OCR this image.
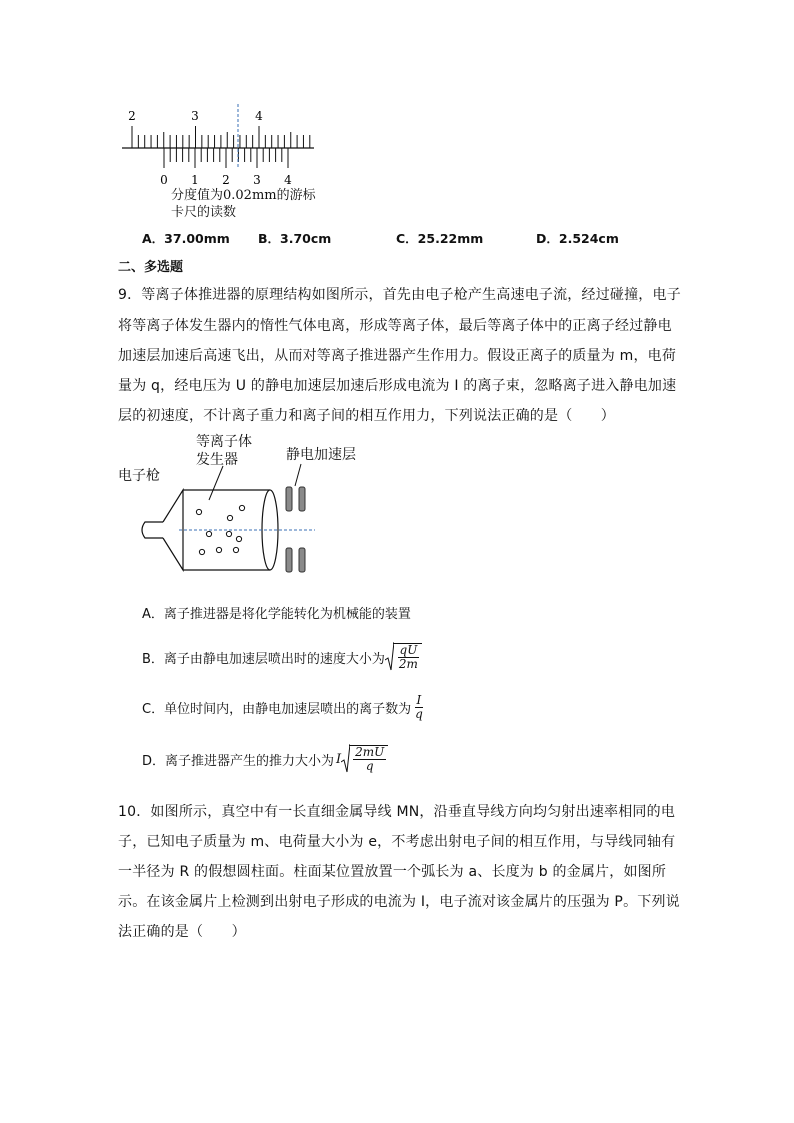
2	3	4
0 1 2 3 4
分度值为0.02mm的游标
卡尺的读数
A．37.00mm B．3.70cm	C．25.22mm	D．2.524cm
二、多选题
9．等离子体推进器的原理结构如图所示，首先由电子枪产生高速电子流，经过碰撞，电子
将等离子体发生器内的惰性气体电离，形成等离子体，最后等离子体中的正离子经过静电
加速层加速后高速飞出，从而对等离子推进器产生作用力。假设正离子的质量为 m，电荷
量为 q，经电压为 U 的静电加速层加速后形成电流为 I 的离子束，忽略离子进入静电加速
层的初速度，不计离子重力和离子间的相互作用力，下列说法正确的是（　　）
等离子体
发生器	静电加速层
电子枪
A．离子推进器是将化学能转化为机械能的装置
B．离子由静电加速层喷出时的速度大小为 $\frac{qU}{2m}$
C．单位时间内，由静电加速层喷出的离子数为 $\frac{I}{q}$
D．离子推进器产生的推力大小为 I $\frac{2mU}{q}$
10．如图所示，真空中有一长直细金属导线 MN，沿垂直导线方向均匀射出速率相同的电
子，已知电子质量为 m、电荷量大小为 e，不考虑出射电子间的相互作用，与导线同轴有
一半径为 R 的假想圆柱面。柱面某位置放置一个弧长为 a、长度为 b 的金属片，如图所
示。在该金属片上检测到出射电子形成的电流为 I，电子流对该金属片的压强为 P。下列说
法正确的是（　　）
